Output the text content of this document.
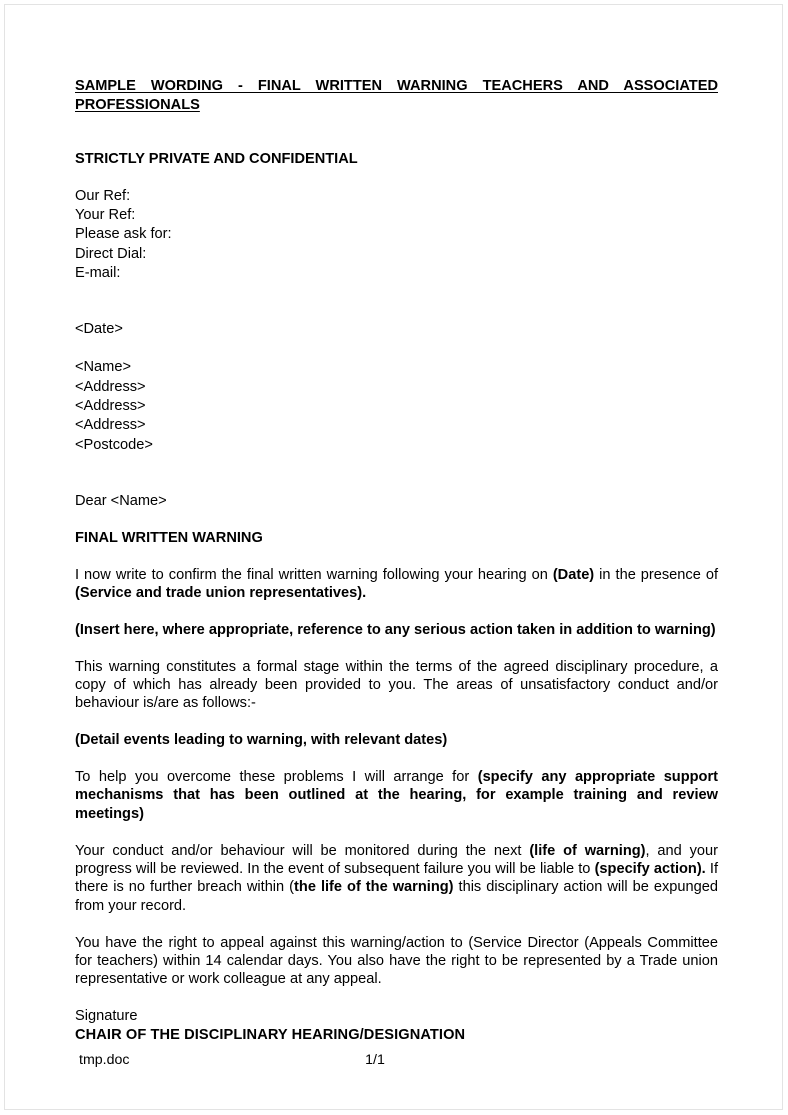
SAMPLE WORDING - FINAL WRITTEN WARNING TEACHERS AND ASSOCIATED PROFESSIONALS
STRICTLY PRIVATE AND CONFIDENTIAL
Our Ref:
Your Ref:
Please ask for:
Direct Dial:
E-mail:
<Date>
<Name>
<Address>
<Address>
<Address>
<Postcode>

Dear <Name>

FINAL WRITTEN WARNING

I now write to confirm the final written warning following your hearing on (Date) in the presence of (Service and trade union representatives).

(Insert here, where appropriate, reference to any serious action taken in addition to warning)

This warning constitutes a formal stage within the terms of the agreed disciplinary procedure, a copy of which has already been provided to you. The areas of unsatisfactory conduct and/or behaviour is/are as follows:-

(Detail events leading to warning, with relevant dates)

To help you overcome these problems I will arrange for (specify any appropriate support mechanisms that has been outlined at the hearing, for example training and review meetings)

Your conduct and/or behaviour will be monitored during the next (life of warning), and your progress will be reviewed. In the event of subsequent failure you will be liable to (specify action). If there is no further breach within (the life of the warning) this disciplinary action will be expunged from your record.

You have the right to appeal against this warning/action to (Service Director (Appeals Committee for teachers) within 14 calendar days. You also have the right to be represented by a Trade union representative or work colleague at any appeal.

Signature
CHAIR OF THE DISCIPLINARY HEARING/DESIGNATION
tmp.doc	1/1
